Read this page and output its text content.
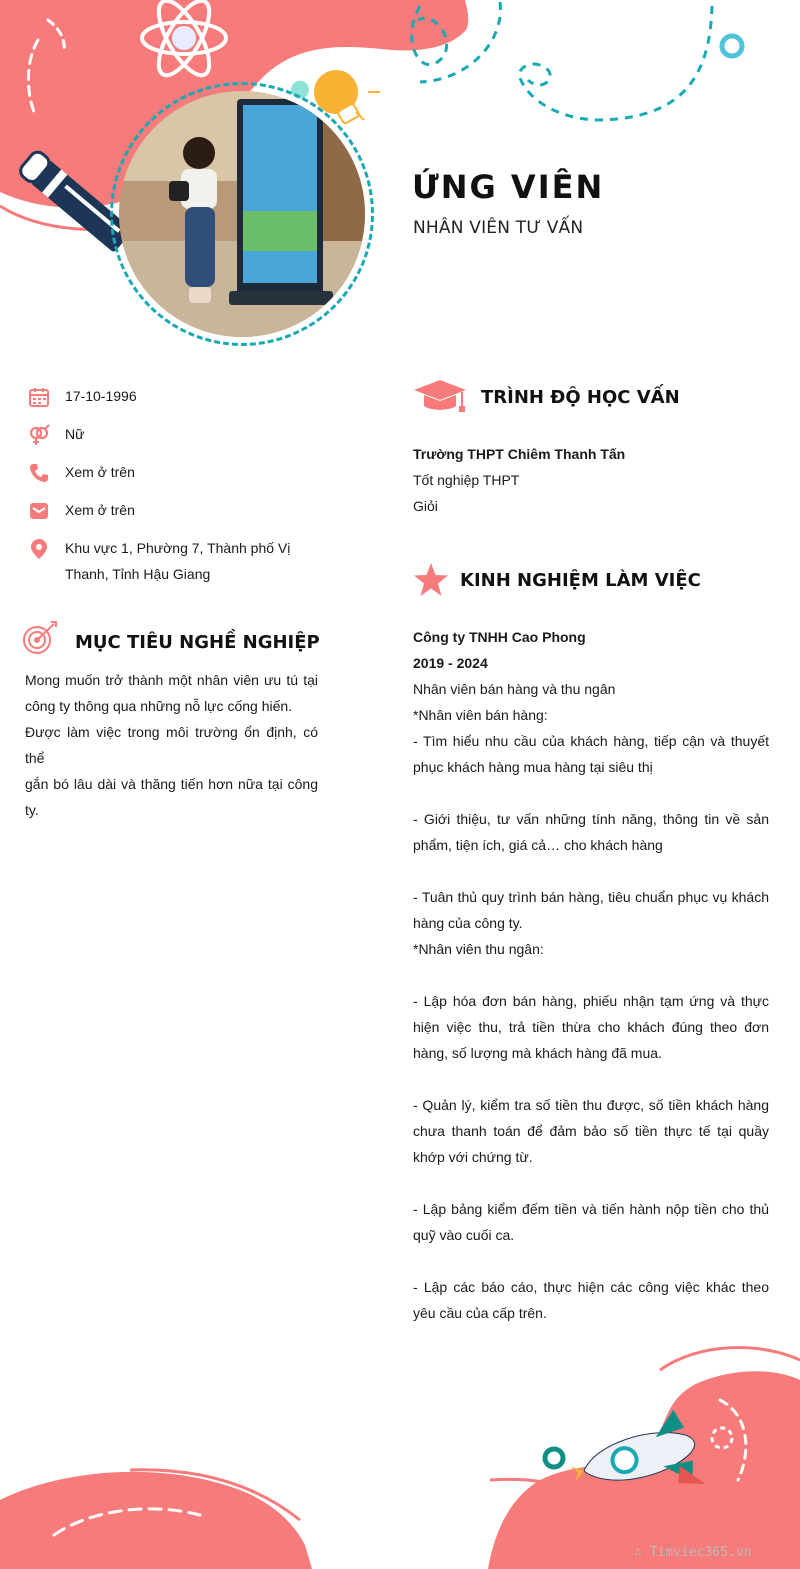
ỨNG VIÊN
NHÂN VIÊN TƯ VẤN
17-10-1996
Nữ
Xem ở trên
Xem ở trên
Khu vực 1, Phường 7, Thành phố Vị
Thanh, Tỉnh Hậu Giang
MỤC TIÊU NGHỀ NGHIỆP
Mong muốn trở thành một nhân viên ưu tú tại
công ty thông qua những nỗ lực cống hiến.
Được làm việc trong môi trường ổn định, có thể
gắn bó lâu dài và thăng tiến hơn nữa tại công
ty.
TRÌNH ĐỘ HỌC VẤN
Trường THPT Chiêm Thanh Tấn
Tốt nghiệp THPT
Giỏi
KINH NGHIỆM LÀM VIỆC

Công ty TNHH Cao Phong

2019 - 2024

Nhân viên bán hàng và thu ngân

*Nhân viên bán hàng:

- Tìm hiểu nhu cầu của khách hàng, tiếp cận và thuyết phục khách hàng mua hàng tại siêu thị

- Giới thiệu, tư vấn những tính năng, thông tin về sản phẩm, tiện ích, giá cả… cho khách hàng

- Tuân thủ quy trình bán hàng, tiêu chuẩn phục vụ khách hàng của công ty.

*Nhân viên thu ngân:

- Lập hóa đơn bán hàng, phiếu nhận tạm ứng và thực hiện việc thu, trả tiền thừa cho khách đúng theo đơn hàng, số lượng mà khách hàng đã mua.

- Quản lý, kiểm tra số tiền thu được, số tiền khách hàng chưa thanh toán để đảm bảo số tiền thực tế tại quầy khớp với chứng từ.

- Lập bảng kiểm đếm tiền và tiến hành nộp tiền cho thủ quỹ vào cuối ca.

- Lập các báo cáo, thực hiện các công việc khác theo yêu cầu của cấp trên.

∴ Timviec365.vn
